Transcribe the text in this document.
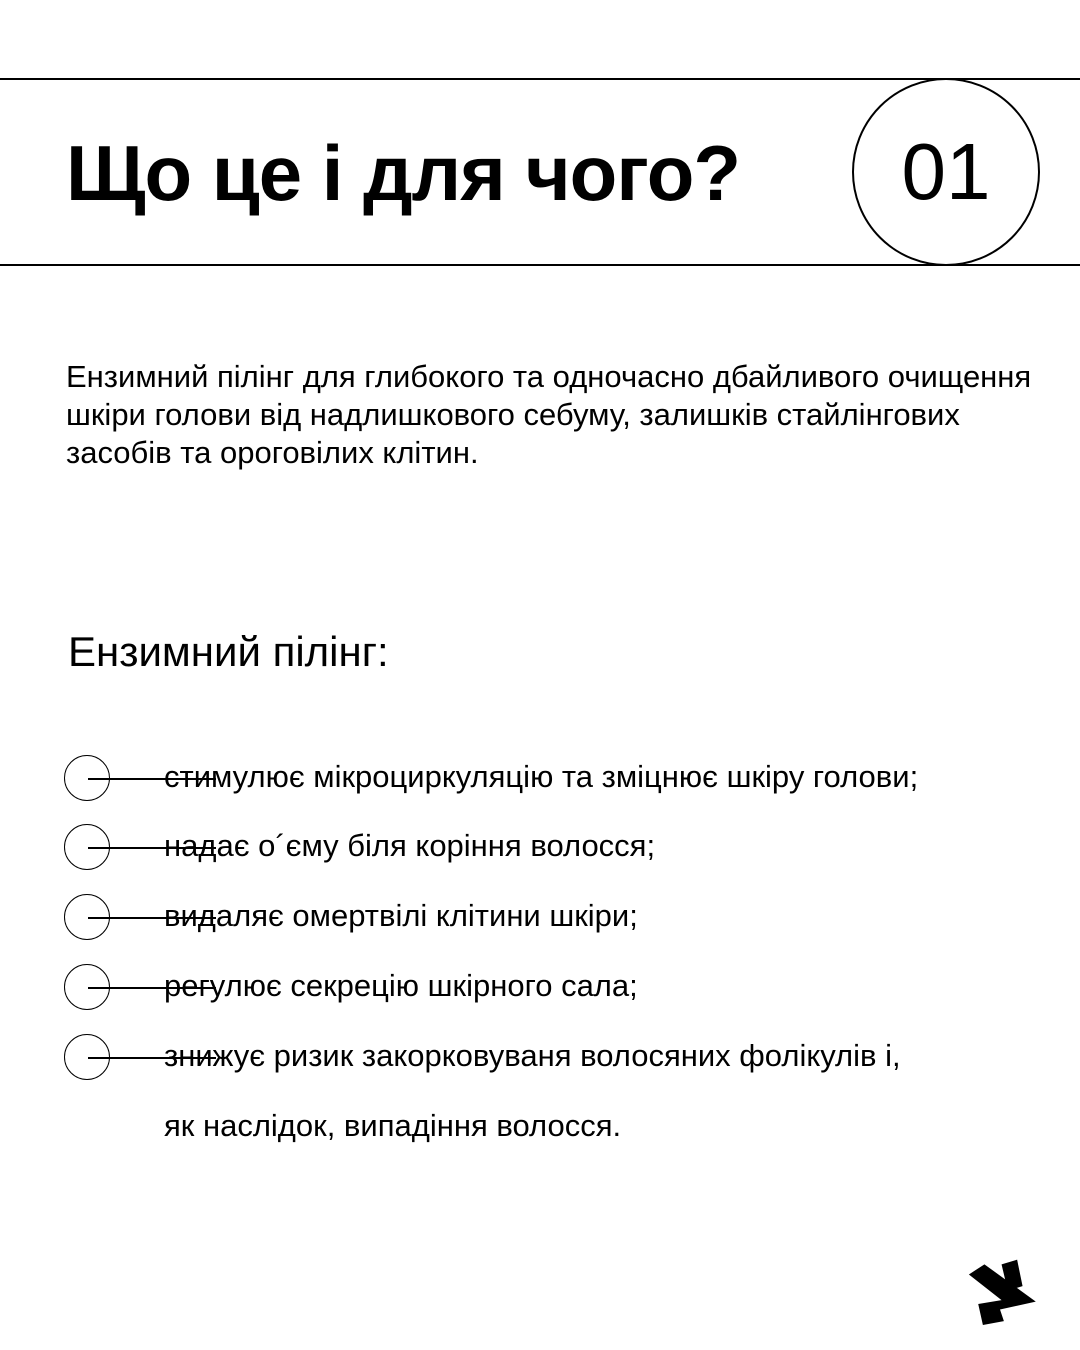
Що це і для чого? 01

Ензимний пілінг для глибокого та одночасно дбайливого очищення шкіри голови від надлишкового себуму, залишків стайлінгових засобів та ороговілих клітин.

Ензимний пілінг:
стимулює мікроциркуляцію та зміцнює шкіру голови;
надає о´єму біля коріння волосся;
видаляє омертвілі клітини шкіри;
регулює секрецію шкірного сала;
знижує ризик закорковуваня волосяних фолікулів і,
як наслідок, випадіння волосся.
